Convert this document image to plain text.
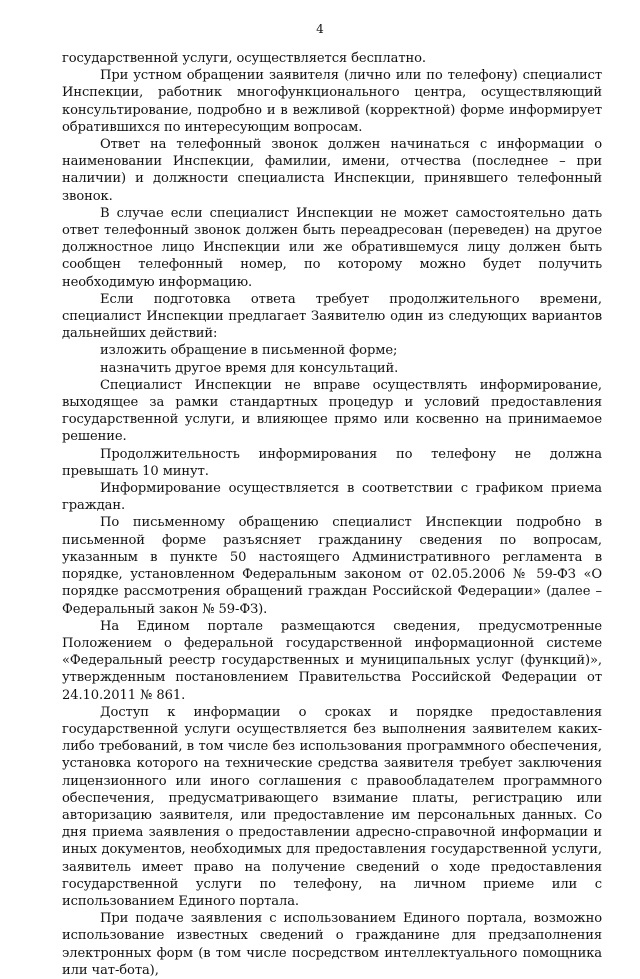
4

государственной услуги, осуществляется бесплатно.

При устном обращении заявителя (лично или по телефону) специалист Инспекции, работник многофункционального центра, осуществляющий консультирование, подробно и в вежливой (корректной) форме информирует обратившихся по интересующим вопросам.

Ответ на телефонный звонок должен начинаться с информации о наименовании Инспекции, фамилии, имени, отчества (последнее – при наличии) и должности специалиста Инспекции, принявшего телефонный звонок.

В случае если специалист Инспекции не может самостоятельно дать ответ телефонный звонок должен быть переадресован (переведен) на другое должностное лицо Инспекции или же обратившемуся лицу должен быть сообщен телефонный номер, по которому можно будет получить необходимую информацию.

Если подготовка ответа требует продолжительного времени, специалист Инспекции предлагает Заявителю один из следующих вариантов дальнейших действий:

изложить обращение в письменной форме;

назначить другое время для консультаций.

Специалист Инспекции не вправе осуществлять информирование, выходящее за рамки стандартных процедур и условий предоставления государственной услуги, и влияющее прямо или косвенно на принимаемое решение.

Продолжительность информирования по телефону не должна превышать 10 минут.

Информирование осуществляется в соответствии с графиком приема граждан.

По письменному обращению специалист Инспекции подробно в письменной форме разъясняет гражданину сведения по вопросам, указанным в пункте 50 настоящего Административного регламента в порядке, установленном Федеральным законом от 02.05.2006 № 59-ФЗ «О порядке рассмотрения обращений граждан Российской Федерации» (далее – Федеральный закон № 59-ФЗ).

На Едином портале размещаются сведения, предусмотренные Положением о федеральной государственной информационной системе «Федеральный реестр государственных и муниципальных услуг (функций)», утвержденным постановлением Правительства Российской Федерации от 24.10.2011 № 861.

Доступ к информации о сроках и порядке предоставления государственной услуги осуществляется без выполнения заявителем каких- либо требований, в том числе без использования программного обеспечения, установка которого на технические средства заявителя требует заключения лицензионного или иного соглашения с правообладателем программного обеспечения, предусматривающего взимание платы, регистрацию или авторизацию заявителя, или предоставление им персональных данных. Со дня приема заявления о предоставлении адресно-справочной информации и иных документов, необходимых для предоставления государственной услуги, заявитель имеет право на получение сведений о ходе предоставления государственной услуги по телефону, на личном приеме или с использованием Единого портала.

При подаче заявления с использованием Единого портала, возможно использование известных сведений о гражданине для предзаполнения электронных форм (в том числе посредством интеллектуального помощника или чат-бота),
